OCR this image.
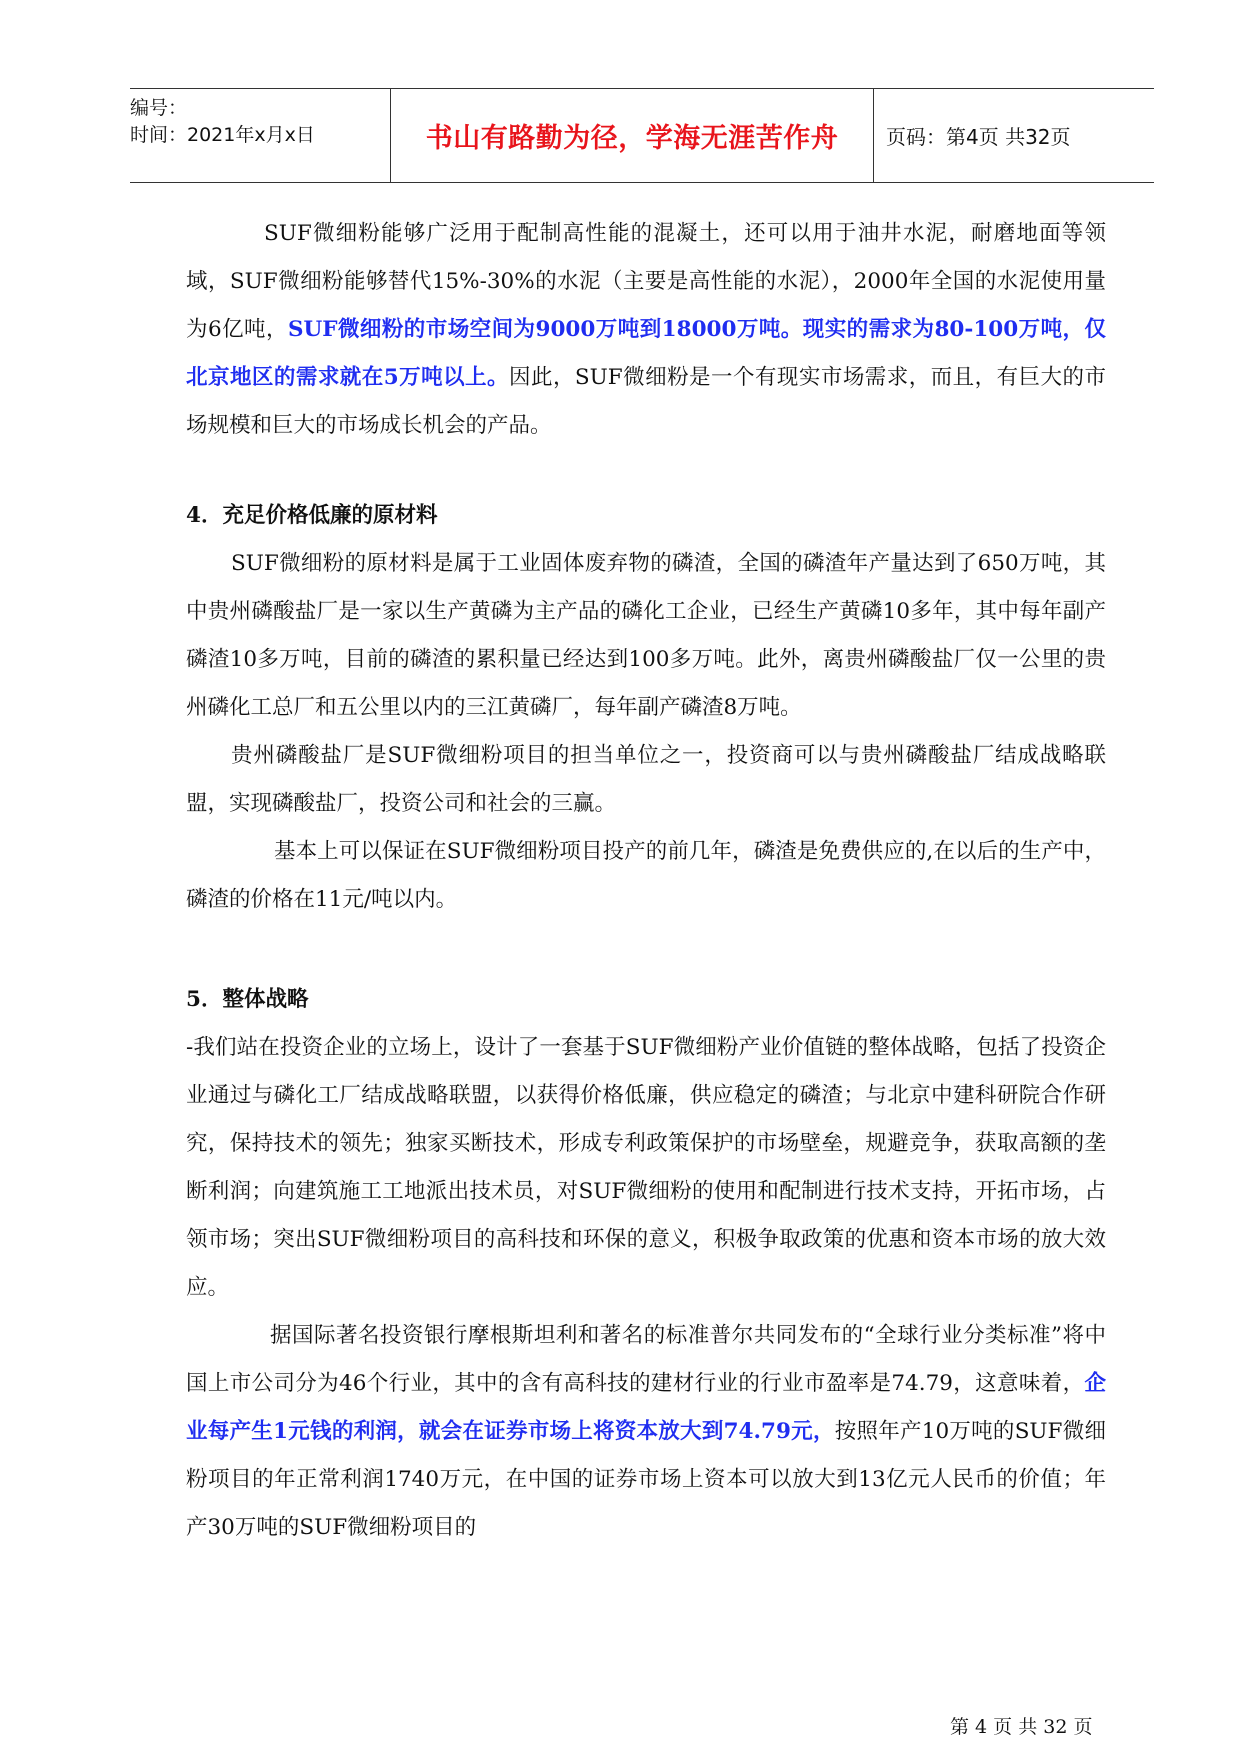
编号：
时间：2021年x月x日	书山有路勤为径，学海无涯苦作舟	页码：第4页 共32页

SUF微细粉能够广泛用于配制高性能的混凝土，还可以用于油井水泥，耐磨地面等领域，SUF微细粉能够替代15%-30%的水泥（主要是高性能的水泥），2000年全国的水泥使用量为6亿吨，SUF微细粉的市场空间为9000万吨到18000万吨。现实的需求为80-100万吨，仅北京地区的需求就在5万吨以上。因此，SUF微细粉是一个有现实市场需求，而且，有巨大的市场规模和巨大的市场成长机会的产品。

4．充足价格低廉的原材料

SUF微细粉的原材料是属于工业固体废弃物的磷渣，全国的磷渣年产量达到了650万吨，其中贵州磷酸盐厂是一家以生产黄磷为主产品的磷化工企业，已经生产黄磷10多年，其中每年副产磷渣10多万吨，目前的磷渣的累积量已经达到100多万吨。此外，离贵州磷酸盐厂仅一公里的贵州磷化工总厂和五公里以内的三江黄磷厂，每年副产磷渣8万吨。

贵州磷酸盐厂是SUF微细粉项目的担当单位之一，投资商可以与贵州磷酸盐厂结成战略联盟，实现磷酸盐厂，投资公司和社会的三赢。

基本上可以保证在SUF微细粉项目投产的前几年，磷渣是免费供应的,在以后的生产中，磷渣的价格在11元/吨以内。

5．整体战略

-我们站在投资企业的立场上，设计了一套基于SUF微细粉产业价值链的整体战略，包括了投资企业通过与磷化工厂结成战略联盟，以获得价格低廉，供应稳定的磷渣；与北京中建科研院合作研究，保持技术的领先；独家买断技术，形成专利政策保护的市场壁垒，规避竞争，获取高额的垄断利润；向建筑施工工地派出技术员，对SUF微细粉的使用和配制进行技术支持，开拓市场，占领市场；突出SUF微细粉项目的高科技和环保的意义，积极争取政策的优惠和资本市场的放大效应。

据国际著名投资银行摩根斯坦利和著名的标准普尔共同发布的“全球行业分类标准”将中国上市公司分为46个行业，其中的含有高科技的建材行业的行业市盈率是74.79，这意味着，企业每产生1元钱的利润，就会在证券市场上将资本放大到74.79元，按照年产10万吨的SUF微细粉项目的年正常利润1740万元，在中国的证券市场上资本可以放大到13亿元人民币的价值；年产30万吨的SUF微细粉项目的

第 4 页 共 32 页
